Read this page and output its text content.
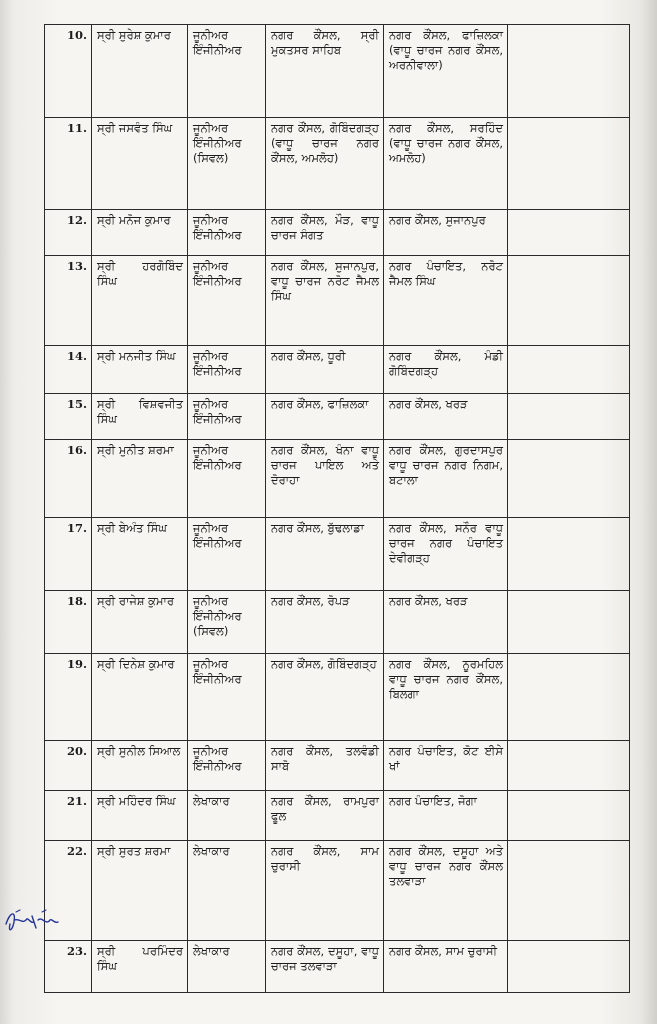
10.	ਸ੍ਰੀ ਸੁਰੇਸ਼ ਕੁਮਾਰ	ਜੂਨੀਅਰ ਇੰਜੀਨੀਅਰ	ਨਗਰ ਕੌਂਸਲ, ਸ੍ਰੀ ਮੁਕਤਸਰ ਸਾਹਿਬ	ਨਗਰ ਕੌਂਸਲ, ਫਾਜ਼ਿਲਕਾ (ਵਾਧੂ ਚਾਰਜ ਨਗਰ ਕੌਂਸਲ, ਅਰਨੀਵਾਲਾ)	
11.	ਸ੍ਰੀ ਜਸਵੰਤ ਸਿੰਘ	ਜੂਨੀਅਰ ਇੰਜੀਨੀਅਰ (ਸਿਵਲ)	ਨਗਰ ਕੌਂਸਲ, ਗੋਬਿੰਦਗੜ੍ਹ (ਵਾਧੂ ਚਾਰਜ ਨਗਰ ਕੌਂਸਲ, ਅਮਲੋਹ)	ਨਗਰ ਕੌਂਸਲ, ਸਰਹਿੰਦ (ਵਾਧੂ ਚਾਰਜ ਨਗਰ ਕੌਂਸਲ, ਅਮਲੋਹ)	
12.	ਸ੍ਰੀ ਮਨੋਜ ਕੁਮਾਰ	ਜੂਨੀਅਰ ਇੰਜੀਨੀਅਰ	ਨਗਰ ਕੌਂਸਲ, ਮੌੜ, ਵਾਧੂ ਚਾਰਜ ਸੰਗਤ	ਨਗਰ ਕੌਂਸਲ, ਸੁਜਾਨਪੁਰ	
13.	ਸ੍ਰੀ ਹਰਗੋਬਿੰਦ ਸਿੰਘ	ਜੂਨੀਅਰ ਇੰਜੀਨੀਅਰ	ਨਗਰ ਕੌਂਸਲ, ਸੁਜਾਨਪੁਰ, ਵਾਧੂ ਚਾਰਜ ਨਰੋਟ ਜੈਮਲ ਸਿੰਘ	ਨਗਰ ਪੰਚਾਇਤ, ਨਰੋਟ ਜੈਮਲ ਸਿੰਘ	
14.	ਸ੍ਰੀ ਮਨਜੀਤ ਸਿੰਘ	ਜੂਨੀਅਰ ਇੰਜੀਨੀਅਰ	ਨਗਰ ਕੌਂਸਲ, ਧੂਰੀ	ਨਗਰ ਕੌਂਸਲ, ਮੰਡੀ ਗੋਬਿੰਦਗੜ੍ਹ	
15.	ਸ੍ਰੀ ਵਿਸ਼ਵਜੀਤ ਸਿੰਘ	ਜੂਨੀਅਰ ਇੰਜੀਨੀਅਰ	ਨਗਰ ਕੌਂਸਲ, ਫਾਜ਼ਿਲਕਾ	ਨਗਰ ਕੌਂਸਲ, ਖਰੜ	
16.	ਸ੍ਰੀ ਮੁਨੀਤ ਸ਼ਰਮਾ	ਜੂਨੀਅਰ ਇੰਜੀਨੀਅਰ	ਨਗਰ ਕੌਂਸਲ, ਖੰਨਾ ਵਾਧੂ ਚਾਰਜ ਪਾਇਲ ਅਤੇ ਦੋਰਾਹਾ	ਨਗਰ ਕੌਂਸਲ, ਗੁਰਦਾਸਪੁਰ ਵਾਧੂ ਚਾਰਜ ਨਗਰ ਨਿਗਮ, ਬਟਾਲਾ	
17.	ਸ੍ਰੀ ਬੇਅੰਤ ਸਿੰਘ	ਜੂਨੀਅਰ ਇੰਜੀਨੀਅਰ	ਨਗਰ ਕੌਂਸਲ, ਬੁੱਢਲਾਡਾ	ਨਗਰ ਕੌਂਸਲ, ਸਨੌਰ ਵਾਧੂ ਚਾਰਜ ਨਗਰ ਪੰਚਾਇਤ ਦੇਵੀਗੜ੍ਹ	
18.	ਸ੍ਰੀ ਰਾਜੇਸ਼ ਕੁਮਾਰ	ਜੂਨੀਅਰ ਇੰਜੀਨੀਅਰ (ਸਿਵਲ)	ਨਗਰ ਕੌਂਸਲ, ਰੋਪੜ	ਨਗਰ ਕੌਂਸਲ, ਖਰੜ	
19.	ਸ੍ਰੀ ਦਿਨੇਸ਼ ਕੁਮਾਰ	ਜੂਨੀਅਰ ਇੰਜੀਨੀਅਰ	ਨਗਰ ਕੌਂਸਲ, ਗੋਬਿੰਦਗੜ੍ਹ	ਨਗਰ ਕੌਂਸਲ, ਨੂਰਮਹਿਲ ਵਾਧੂ ਚਾਰਜ ਨਗਰ ਕੌਂਸਲ, ਬਿਲਗਾ	
20.	ਸ੍ਰੀ ਸੁਨੀਲ ਸਿਆਲ	ਜੂਨੀਅਰ ਇੰਜੀਨੀਅਰ	ਨਗਰ ਕੌਂਸਲ, ਤਲਵੰਡੀ ਸਾਬੋ	ਨਗਰ ਪੰਚਾਇਤ, ਕੋਟ ਈਸੇ ਖਾਂ	
21.	ਸ੍ਰੀ ਮਹਿੰਦਰ ਸਿੰਘ	ਲੇਖਾਕਾਰ	ਨਗਰ ਕੌਂਸਲ, ਰਾਮਪੁਰਾ ਫੂਲ	ਨਗਰ ਪੰਚਾਇਤ, ਜੋਗਾ	
22.	ਸ੍ਰੀ ਸੁਰਤ ਸ਼ਰਮਾ	ਲੇਖਾਕਾਰ	ਨਗਰ ਕੌਂਸਲ, ਸਾਮ ਚੁਰਾਸੀ	ਨਗਰ ਕੌਂਸਲ, ਦਸੂਹਾ ਅਤੇ ਵਾਧੂ ਚਾਰਜ ਨਗਰ ਕੌਂਸਲ ਤਲਵਾੜਾ	
23.	ਸ੍ਰੀ ਪਰਮਿੰਦਰ ਸਿੰਘ	ਲੇਖਾਕਾਰ	ਨਗਰ ਕੌਂਸਲ, ਦਸੂਹਾ, ਵਾਧੂ ਚਾਰਜ ਤਲਵਾੜਾ	ਨਗਰ ਕੌਂਸਲ, ਸਾਮ ਚੁਰਾਸੀ	
